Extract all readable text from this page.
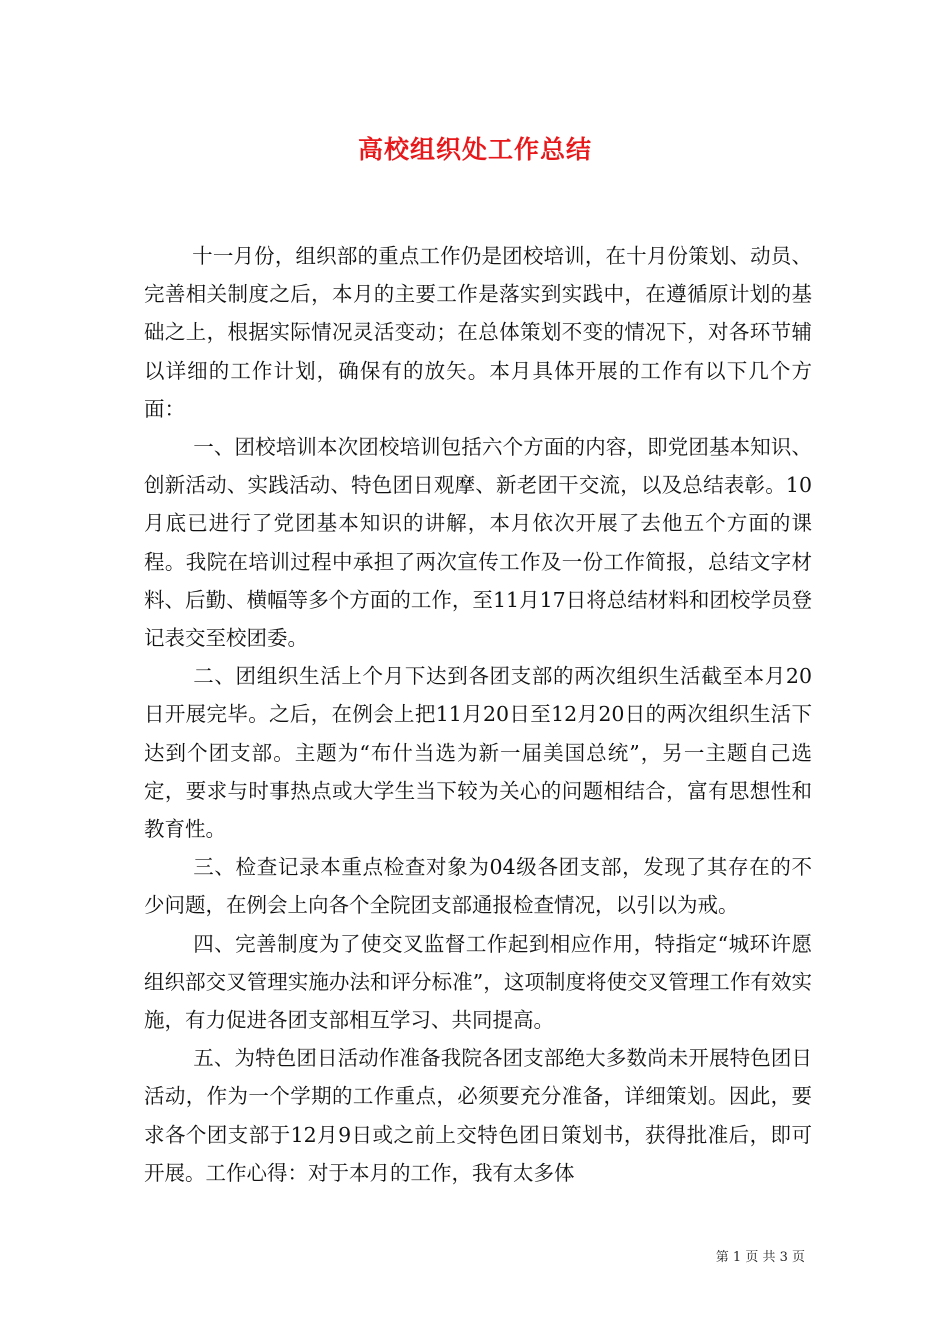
高校组织处工作总结

十一月份，组织部的重点工作仍是团校培训，在十月份策划、动员、完善相关制度之后，本月的主要工作是落实到实践中，在遵循原计划的基础之上，根据实际情况灵活变动；在总体策划不变的情况下，对各环节辅以详细的工作计划，确保有的放矢。本月具体开展的工作有以下几个方面：

一、团校培训本次团校培训包括六个方面的内容，即党团基本知识、创新活动、实践活动、特色团日观摩、新老团干交流，以及总结表彰。10月底已进行了党团基本知识的讲解，本月依次开展了去他五个方面的课程。我院在培训过程中承担了两次宣传工作及一份工作简报，总结文字材料、后勤、横幅等多个方面的工作，至11月17日将总结材料和团校学员登记表交至校团委。

二、团组织生活上个月下达到各团支部的两次组织生活截至本月20日开展完毕。之后，在例会上把11月20日至12月20日的两次组织生活下达到个团支部。主题为“布什当选为新一届美国总统”，另一主题自己选定，要求与时事热点或大学生当下较为关心的问题相结合，富有思想性和教育性。

三、检查记录本重点检查对象为04级各团支部，发现了其存在的不少问题，在例会上向各个全院团支部通报检查情况，以引以为戒。

四、完善制度为了使交叉监督工作起到相应作用，特指定“城环许愿组织部交叉管理实施办法和评分标准”，这项制度将使交叉管理工作有效实施，有力促进各团支部相互学习、共同提高。

五、为特色团日活动作准备我院各团支部绝大多数尚未开展特色团日活动，作为一个学期的工作重点，必须要充分准备，详细策划。因此，要求各个团支部于12月9日或之前上交特色团日策划书，获得批准后，即可开展。工作心得：对于本月的工作，我有太多体

第 1 页 共 3 页
